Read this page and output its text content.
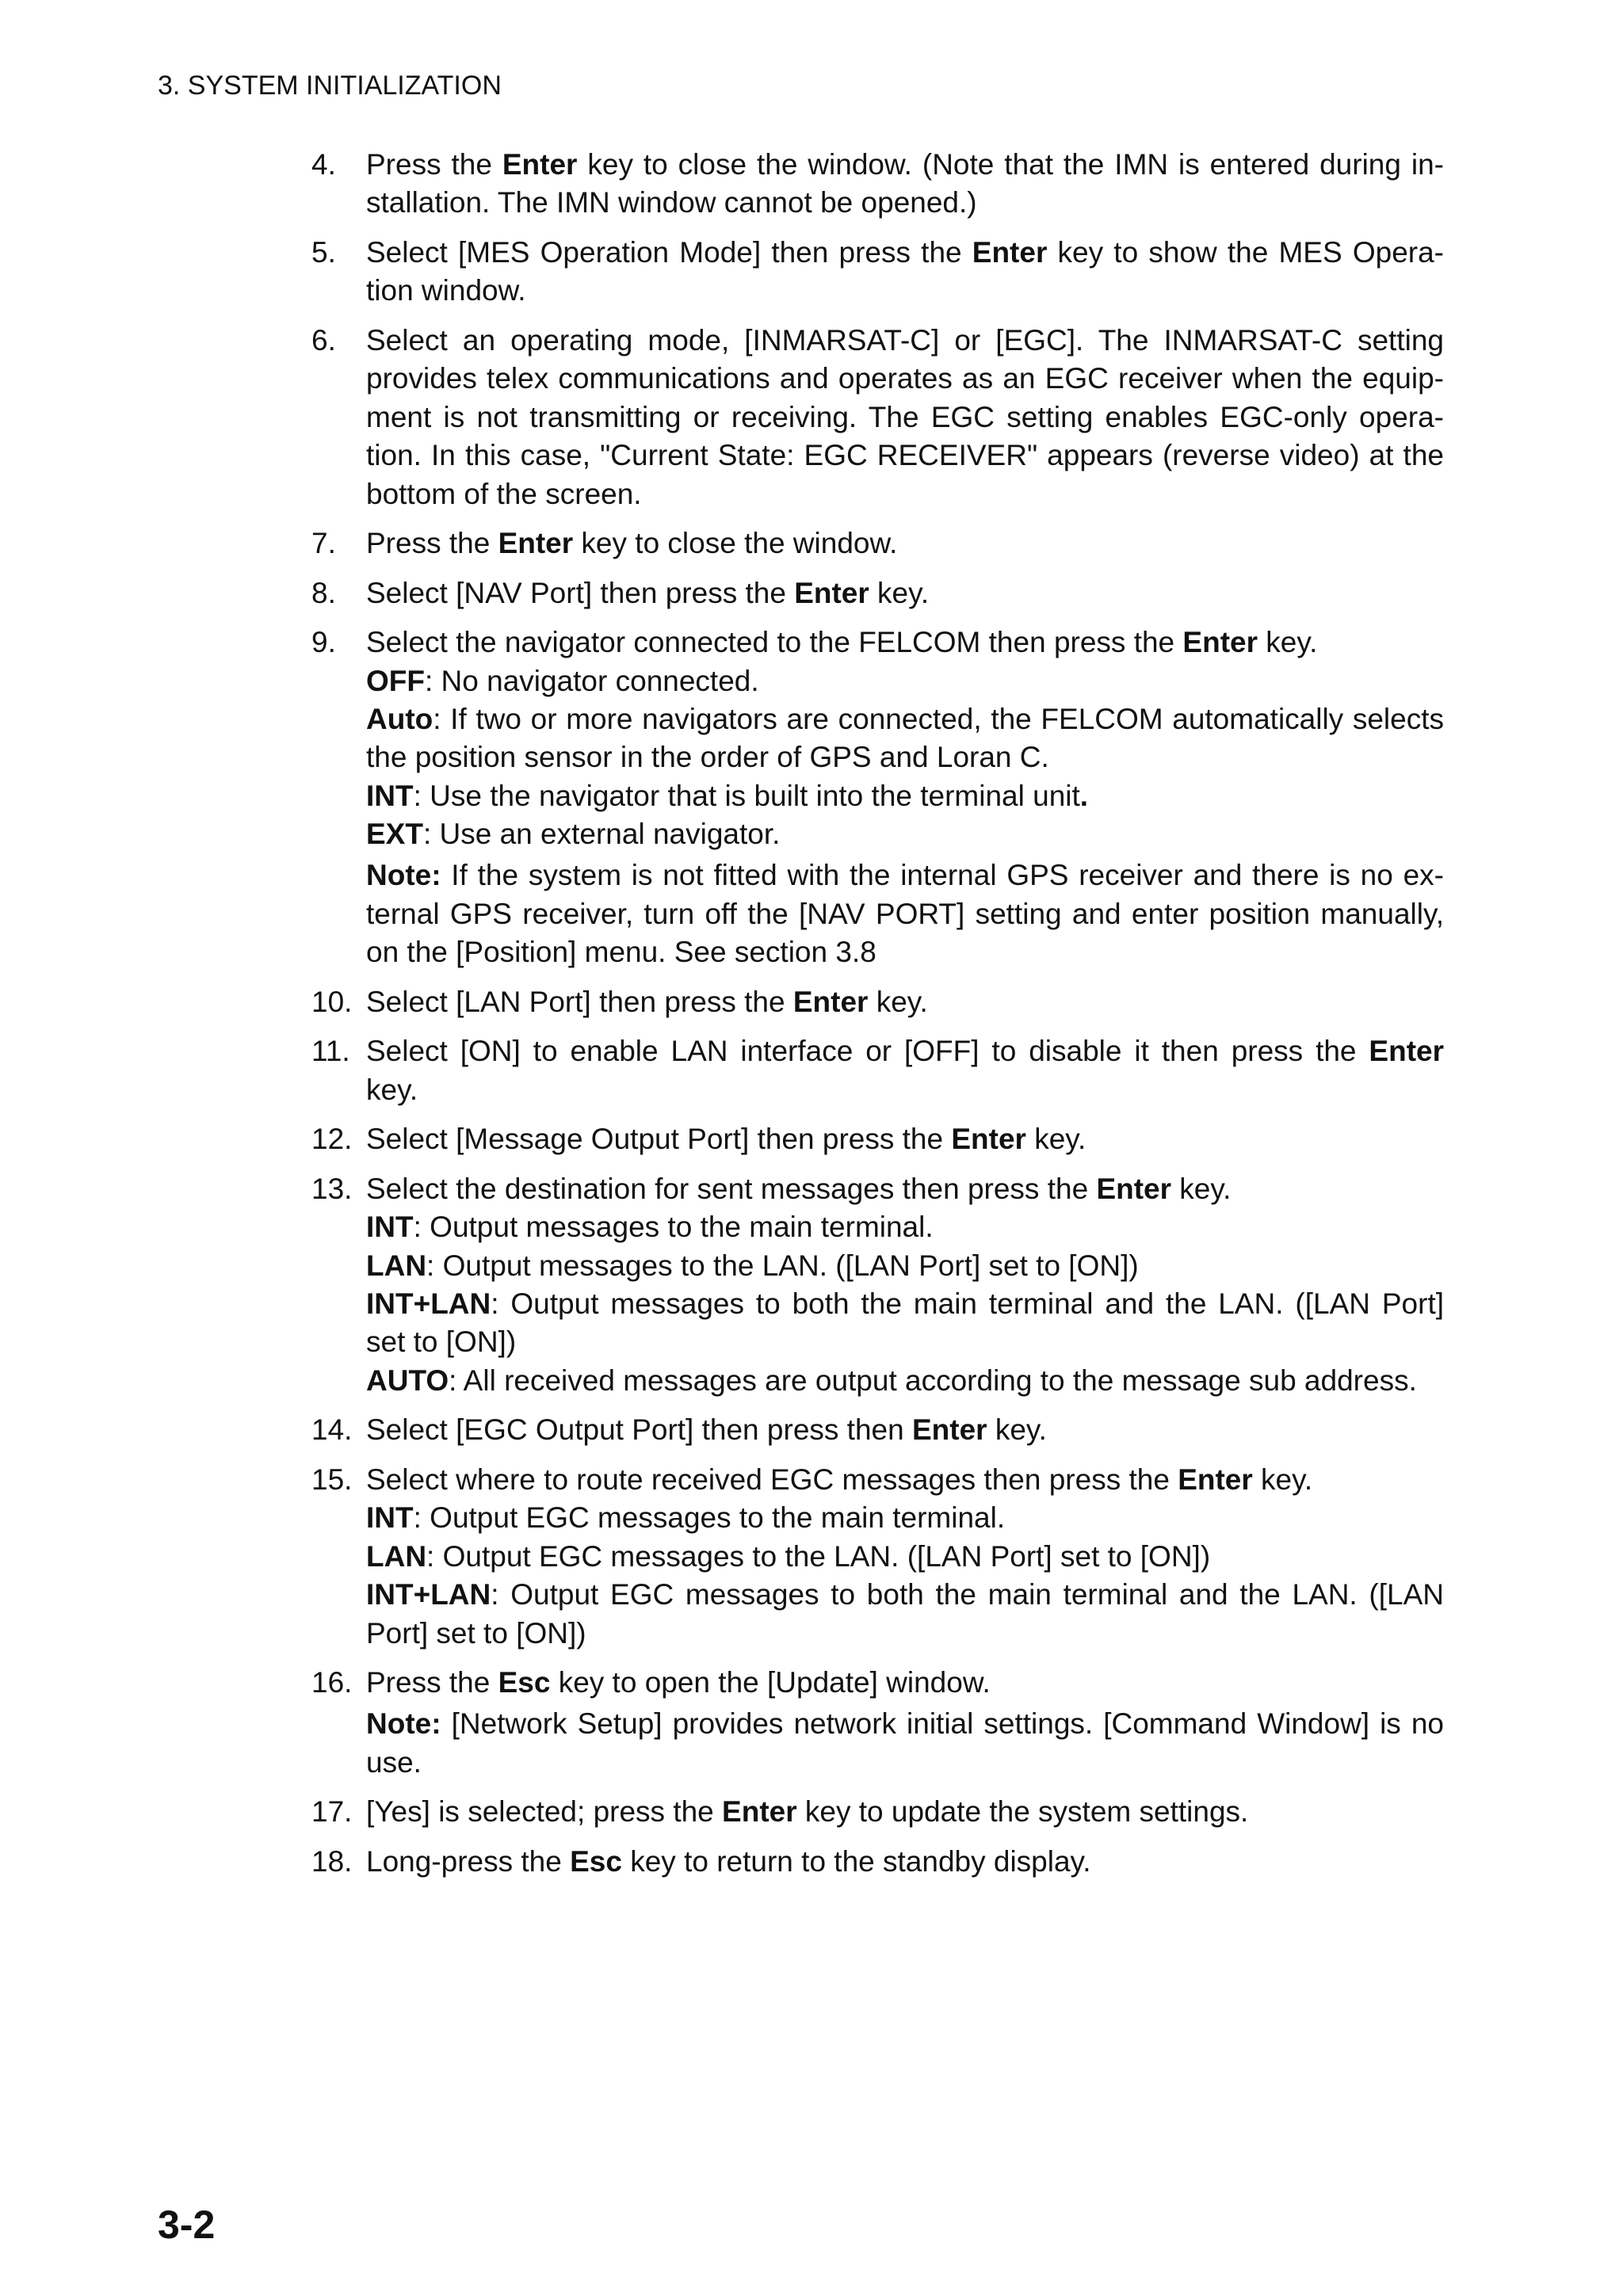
3. SYSTEM INITIALIZATION
4.	Press the Enter key to close the window. (Note that the IMN is entered during in-
stallation. The IMN window cannot be opened.)
5.	Select [MES Operation Mode] then press the Enter key to show the MES Opera-
tion window.
6.	Select an operating mode, [INMARSAT-C] or [EGC]. The INMARSAT-C setting
provides telex communications and operates as an EGC receiver when the equip-
ment is not transmitting or receiving. The EGC setting enables EGC-only opera-
tion. In this case, "Current State: EGC RECEIVER" appears (reverse video) at the
bottom of the screen.
7.	Press the Enter key to close the window.
8.	Select [NAV Port] then press the Enter key.
9.	Select the navigator connected to the FELCOM then press the Enter key.
OFF: No navigator connected.
Auto: If two or more navigators are connected, the FELCOM automatically selects
the position sensor in the order of GPS and Loran C.
INT: Use the navigator that is built into the terminal unit.
EXT: Use an external navigator.
Note: If the system is not fitted with the internal GPS receiver and there is no ex-
ternal GPS receiver, turn off the [NAV PORT] setting and enter position manually,
on the [Position] menu. See section 3.8
10. Select [LAN Port] then press the Enter key.
11. Select [ON] to enable LAN interface or [OFF] to disable it then press the Enter
key.
12. Select [Message Output Port] then press the Enter key.
13. Select the destination for sent messages then press the Enter key.
INT: Output messages to the main terminal.
LAN: Output messages to the LAN. ([LAN Port] set to [ON])
INT+LAN: Output messages to both the main terminal and the LAN. ([LAN Port]
set to [ON])
AUTO: All received messages are output according to the message sub address.
14. Select [EGC Output Port] then press then Enter key.
15. Select where to route received EGC messages then press the Enter key.
INT: Output EGC messages to the main terminal.
LAN: Output EGC messages to the LAN. ([LAN Port] set to [ON])
INT+LAN: Output EGC messages to both the main terminal and the LAN. ([LAN
Port] set to [ON])
16. Press the Esc key to open the [Update] window.
Note: [Network Setup] provides network initial settings. [Command Window] is no
use.
17. [Yes] is selected; press the Enter key to update the system settings.
18. Long-press the Esc key to return to the standby display.
3-2
